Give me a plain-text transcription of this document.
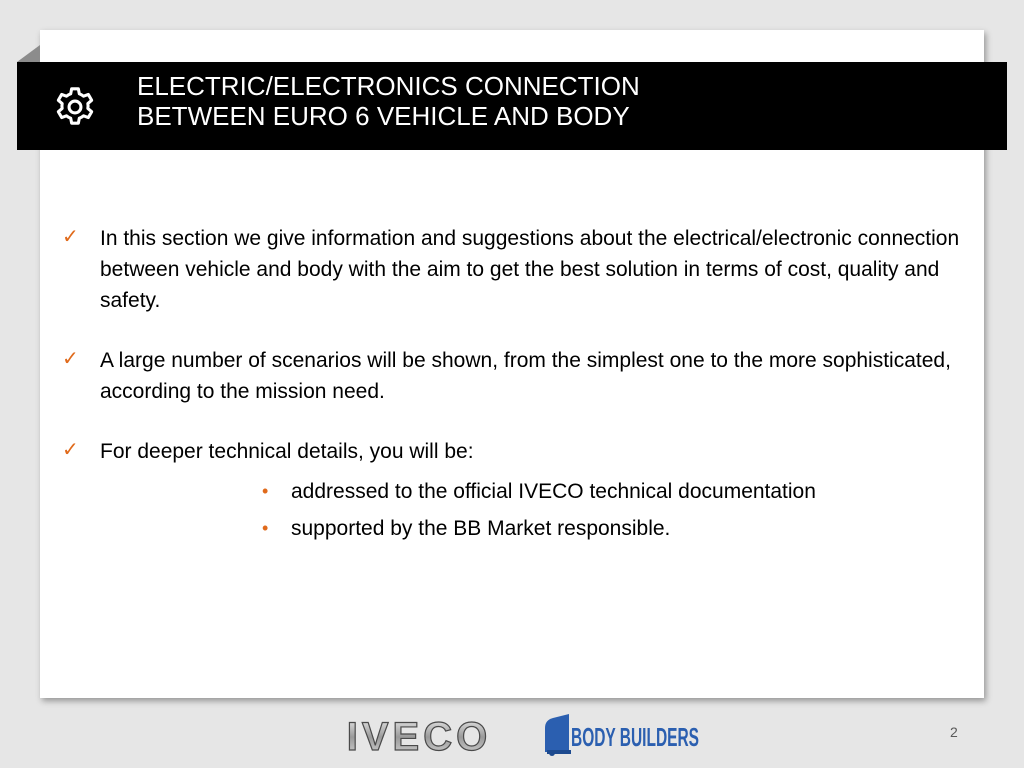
ELECTRIC/ELECTRONICS CONNECTION
BETWEEN EURO 6 VEHICLE AND BODY
✓ In this section we give information and suggestions about the electrical/electronic connection between vehicle and body with the aim to get the best solution in terms of cost, quality and safety.
✓ A large number of scenarios will be shown, from the simplest one to the more sophisticated, according to the mission need.
✓ For deeper technical details, you will be:
• addressed to the official IVECO technical documentation
• supported by the BB Market responsible.
IVECO	BODY BUILDERS	2
